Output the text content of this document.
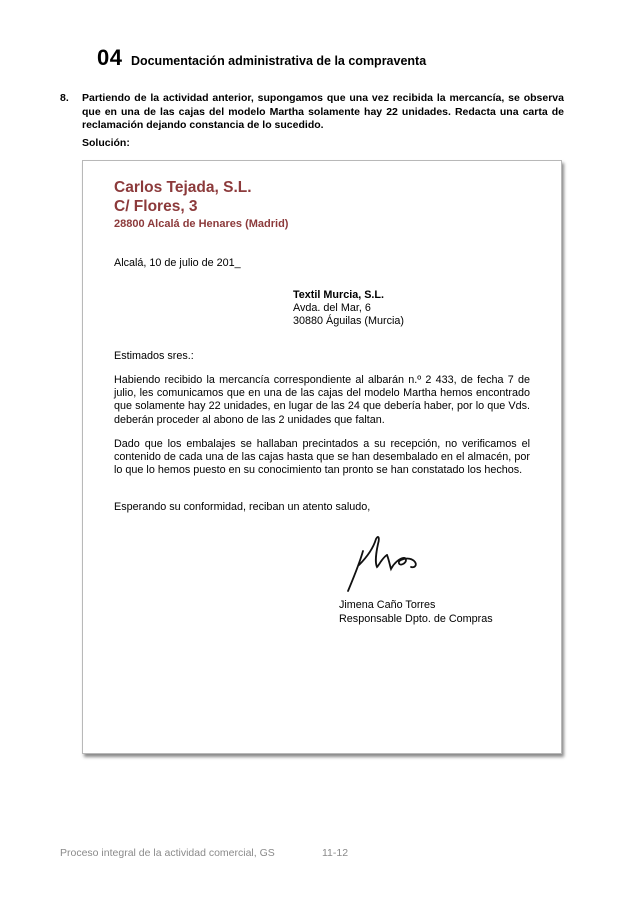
04 Documentación administrativa de la compraventa
8. Partiendo de la actividad anterior, supongamos que una vez recibida la mercancía, se observa que en una de las cajas del modelo Martha solamente hay 22 unidades. Redacta una carta de reclamación dejando constancia de lo sucedido.
Solución:
Carlos Tejada, S.L.
C/ Flores, 3
28800 Alcalá de Henares (Madrid)
Alcalá, 10 de julio de 201_
Textil Murcia, S.L.
Avda. del Mar, 6
30880 Águilas (Murcia)
Estimados sres.:
Habiendo recibido la mercancía correspondiente al albarán n.º 2 433, de fecha 7 de julio, les comunicamos que en una de las cajas del modelo Martha hemos encontrado que solamente hay 22 unidades, en lugar de las 24 que debería haber, por lo que Vds. deberán proceder al abono de las 2 unidades que faltan.
Dado que los embalajes se hallaban precintados a su recepción, no verificamos el contenido de cada una de las cajas hasta que se han desembalado en el almacén, por lo que lo hemos puesto en su conocimiento tan pronto se han constatado los hechos.
Esperando su conformidad, reciban un atento saludo,
Jimena Caño Torres
Responsable Dpto. de Compras
Proceso integral de la actividad comercial, GS	11-12
